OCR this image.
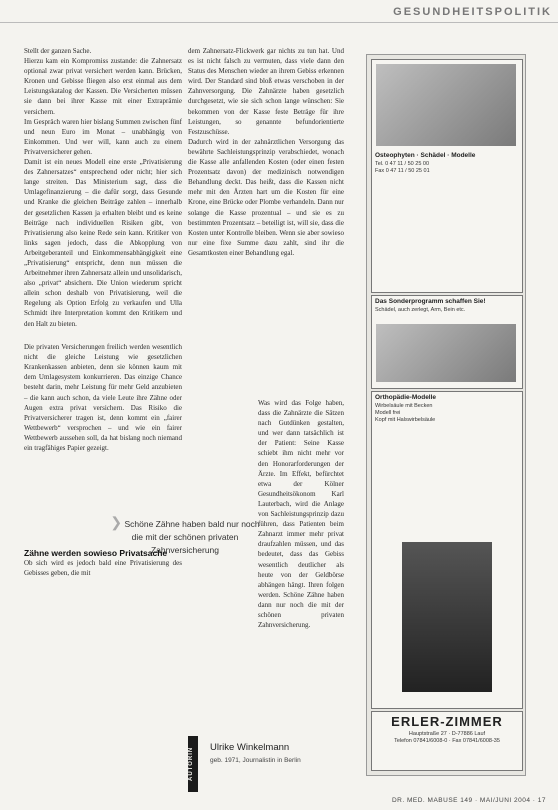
GESUNDHEITSPOLITIK

Stellt der ganzen Sache.

Hierzu kam ein Kompromiss zustande: die Zahnersatz optional zwar privat versichert werden kann. Brücken, Kronen und Gebisse fliegen also erst einmal aus dem Leistungskatalog der Kassen. Die Versicherten müssen sie dann bei ihrer Kasse mit einer Extraprämie versichern.

Im Gespräch waren hier bislang Summen zwischen fünf und neun Euro im Monat – unabhängig von Einkommen. Und wer will, kann auch zu einem Privatversicherer gehen.

Damit ist ein neues Modell eine erste „Privatisierung des Zahnersatzes“ entsprechend oder nicht; hier sich lange streiten. Das Ministerium sagt, dass die Umlagefinanzierung – die dafür sorgt, dass Gesunde und Kranke die gleichen Beiträge zahlen – innerhalb der gesetzlichen Kassen ja erhalten bleibt und es keine Beiträge nach individuellen Risiken gibt, von Privatisierung also keine Rede sein kann. Kritiker von links sagen jedoch, dass die Abkopplung von Arbeitgeberanteil und Einkommensabhängigkeit eine „Privatisierung“ entspricht, denn nun müssen die Arbeitnehmer ihren Zahnersatz allein und unsolidarisch, also „privat“ absichern. Die Union wiederum spricht allein schon deshalb von Privatisierung, weil die Regelung als Option Erfolg zu verkaufen und Ulla Schmidt ihre Interpretation kommt den Kritikern und den Halt zu bieten.

Die privaten Versicherungen freilich werden wesentlich nicht die gleiche Leistung wie gesetzlichen Krankenkassen anbieten, denn sie können kaum mit dem Umlagesystem konkurrieren. Das einzige Chance besteht darin, mehr Leistung für mehr Geld anzubieten – die kann auch schon, da viele Leute ihre Zähne oder Augen extra privat versichern. Das Risiko die Privatversicherer tragen ist, denn kommt ein „fairer Wettbewerb“ versprochen – und wie ein fairer Wettbewerb aussehen soll, da hat bislang noch niemand ein tragfähiges Papier gezeigt.

Zähne werden sowieso Privatsache

Ob sich wird es jedoch bald eine Privatisierung des Gebisses geben, die mit

dem Zahnersatz-Flickwerk gar nichts zu tun hat. Und es ist nicht falsch zu vermuten, dass viele dann den Status des Menschen wieder an ihrem Gebiss erkennen wird. Der Standard sind bloß etwas verschoben in der Zahnversorgung. Die Zahnärzte haben gesetzlich durchgesetzt, wie sie sich schon lange wünschen: Sie bekommen von der Kasse feste Beträge für ihre Leistungen, so genannte befundorientierte Festzuschüsse.

Dadurch wird in der zahnärztlichen Versorgung das bewährte Sachleistungsprinzip verabschiedet, wonach die Kasse alle anfallenden Kosten (oder einen festen Prozentsatz davon) der medizinisch notwendigen Behandlung deckt. Das heißt, dass die Kassen nicht mehr mit den Ärzten hart um die Kosten für eine Krone, eine Brücke oder Plombe verhandeln. Dann nur solange die Kasse prozentual – und sie es zu bestimmten Prozentsatz – beteiligt ist, will sie, dass die Kosten unter Kontrolle bleiben. Wenn sie aber sowieso nur eine fixe Summe dazu zahlt, sind ihr die Gesamtkosten einer Behandlung egal.

Was wird das Folge haben, dass die Zahnärzte die Sätzen nach Gutdünken gestalten, und wer dann tatsächlich ist der Patient: Seine Kasse schiebt ihm nicht mehr vor den Honorarforderungen der Ärzte. Im Effekt, befürchtet etwa der Kölner Gesundheitsökonom Karl Lauterbach, wird die Anlage von Sachleistungsprinzip dazu führen, dass Patienten beim Zahnarzt immer mehr privat draufzahlen müssen, und das bedeutet, dass das Gebiss wesentlich deutlicher als heute von der Geldbörse abhängen hängt. Ihren folgen werden. Schöne Zähne haben dann nur noch die mit der schönen privaten Zahnversicherung.

❯ Schöne Zähne haben bald nur noch die mit der schönen privaten Zahnversicherung
AUTORIN	Ulrike Winkelmann
geb. 1971, Journalistin in Berlin
Osteophyten · Schädel · Modelle
Tel. 0 47 11 / 50 25 00
Fax 0 47 11 / 50 25 01
Das Sonderprogramm schaffen Sie!
Schädel, auch zerlegt, Arm, Bein etc.
Orthopädie-Modelle
Wirbelsäule mit Becken
Modell frei
Kopf mit Halswirbelsäule
ERLER-ZIMMER
Hauptstraße 27 · D-77886 Lauf
Telefon 07841/6008-0 · Fax 07841/6008-35
DR. MED. MABUSE 149 · MAI/JUNI 2004 · 17
